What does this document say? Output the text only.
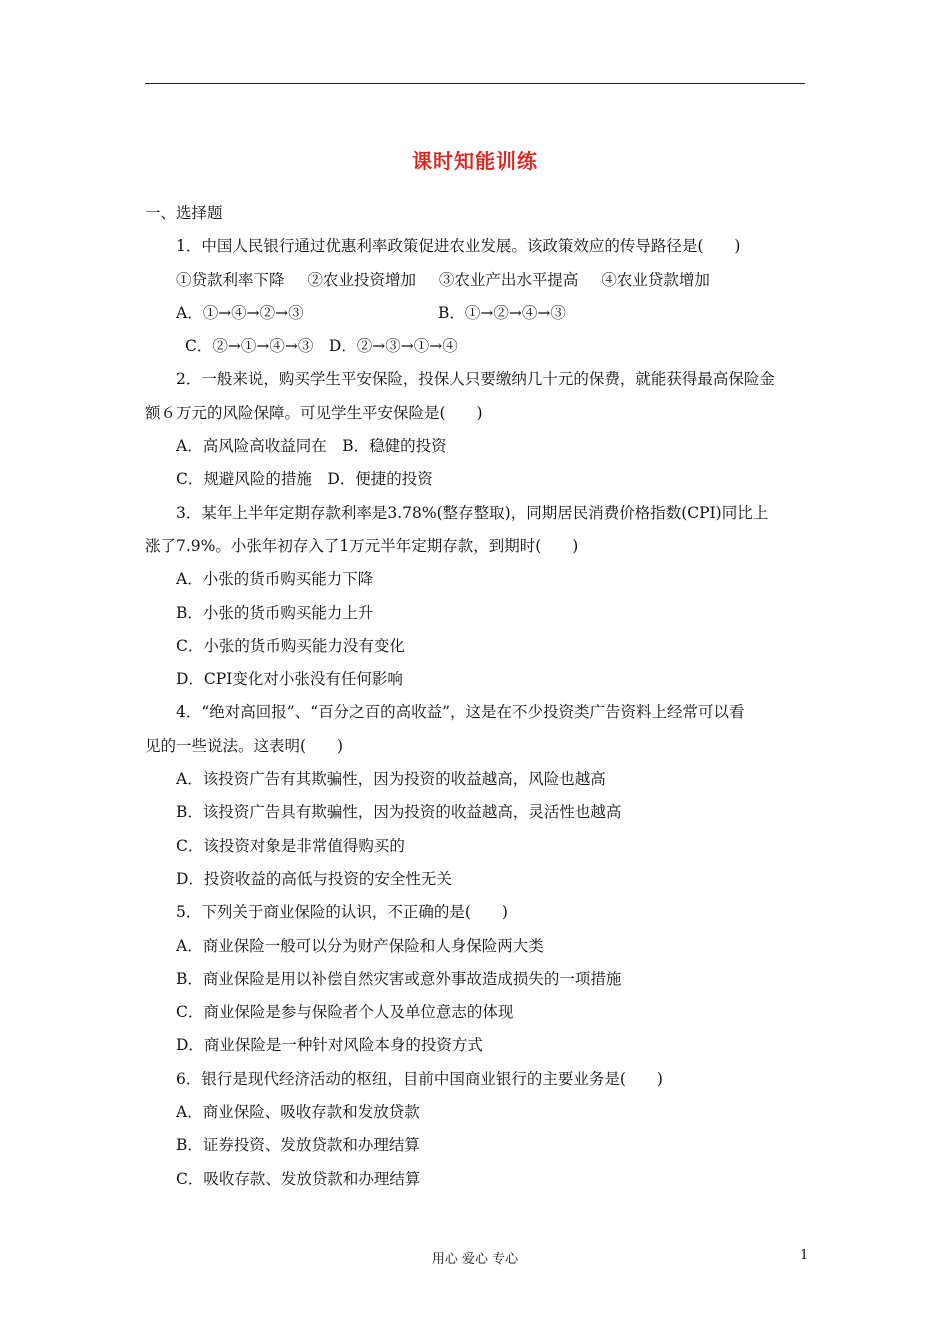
课时知能训练
一、选择题
1．中国人民银行通过优惠利率政策促进农业发展。该政策效应的传导路径是(　　)
①贷款利率下降 ②农业投资增加 ③农业产出水平提高 ④农业贷款增加
A．①→④→②→③	B．①→②→④→③
C．②→①→④→③　D．②→③→①→④
2．一般来说，购买学生平安保险，投保人只要缴纳几十元的保费，就能获得最高保险金
额６万元的风险保障。可见学生平安保险是(　　)
A．高风险高收益同在　B．稳健的投资
C．规避风险的措施　D．便捷的投资
3．某年上半年定期存款利率是3.78%(整存整取)，同期居民消费价格指数(CPI)同比上
涨了7.9%。小张年初存入了1万元半年定期存款，到期时(　　)
A．小张的货币购买能力下降
B．小张的货币购买能力上升
C．小张的货币购买能力没有变化
D．CPI变化对小张没有任何影响
4．“绝对高回报”、“百分之百的高收益”，这是在不少投资类广告资料上经常可以看
见的一些说法。这表明(　　)
A．该投资广告有其欺骗性，因为投资的收益越高，风险也越高
B．该投资广告具有欺骗性，因为投资的收益越高，灵活性也越高
C．该投资对象是非常值得购买的
D．投资收益的高低与投资的安全性无关
5．下列关于商业保险的认识，不正确的是(　　)
A．商业保险一般可以分为财产保险和人身保险两大类
B．商业保险是用以补偿自然灾害或意外事故造成损失的一项措施
C．商业保险是参与保险者个人及单位意志的体现
D．商业保险是一种针对风险本身的投资方式
6．银行是现代经济活动的枢纽，目前中国商业银行的主要业务是(　　)
A．商业保险、吸收存款和发放贷款
B．证券投资、发放贷款和办理结算
C．吸收存款、发放贷款和办理结算
用心 爱心 专心	1
